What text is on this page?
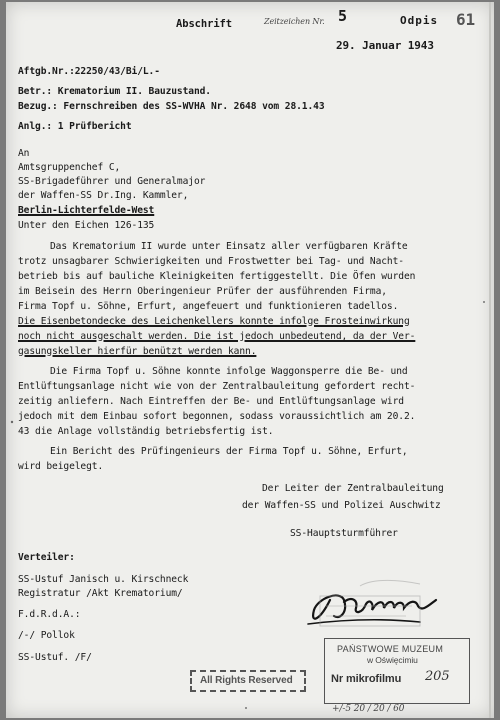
Abschrift	Zeitzeichen Nr. 5	Odpis 61
29. Januar 1943
Aftgb.Nr.:22250/43/Bi/L.-
Betr.: Krematorium II. Bauzustand.
Bezug.: Fernschreiben des SS-WVHA Nr. 2648 vom 28.1.43
Anlg.: 1 Prüfbericht
An
Amtsgruppenchef C,
SS-Brigadeführer und Generalmajor
der Waffen-SS Dr.Ing. Kammler,
Berlin-Lichterfelde-West
Unter den Eichen 126-135
Das Krematorium II wurde unter Einsatz aller verfügbaren Kräfte
trotz unsagbarer Schwierigkeiten und Frostwetter bei Tag- und Nacht-
betrieb bis auf bauliche Kleinigkeiten fertiggestellt. Die Öfen wurden
im Beisein des Herrn Oberingenieur Prüfer der ausführenden Firma,
Firma Topf u. Söhne, Erfurt, angefeuert und funktionieren tadellos.
Die Eisenbetondecke des Leichenkellers konnte infolge Frosteinwirkung
noch nicht ausgeschalt werden. Die ist jedoch unbedeutend, da der Ver-
gasungskeller hierfür benützt werden kann.
Die Firma Topf u. Söhne konnte infolge Waggonsperre die Be- und
Entlüftungsanlage nicht wie von der Zentralbauleitung gefordert recht-
zeitig anliefern. Nach Eintreffen der Be- und Entlüftungsanlage wird
jedoch mit dem Einbau sofort begonnen, sodass voraussichtlich am 20.2.
43 die Anlage vollständig betriebsfertig ist.
Ein Bericht des Prüfingenieurs der Firma Topf u. Söhne, Erfurt,
wird beigelegt.
Der Leiter der Zentralbauleitung
der Waffen-SS und Polizei Auschwitz
SS-Hauptsturmführer
Verteiler:
SS-Ustuf Janisch u. Kirschneck
Registratur /Akt Krematorium/
F.d.R.d.A.:
/-/ Pollok
SS-Ustuf. /F/
All Rights Reserved
PAŃSTWOWE MUZEUM
w Oświęcimiu
Nr mikrofilmu 205
+/-5 20 / 20 / 60
